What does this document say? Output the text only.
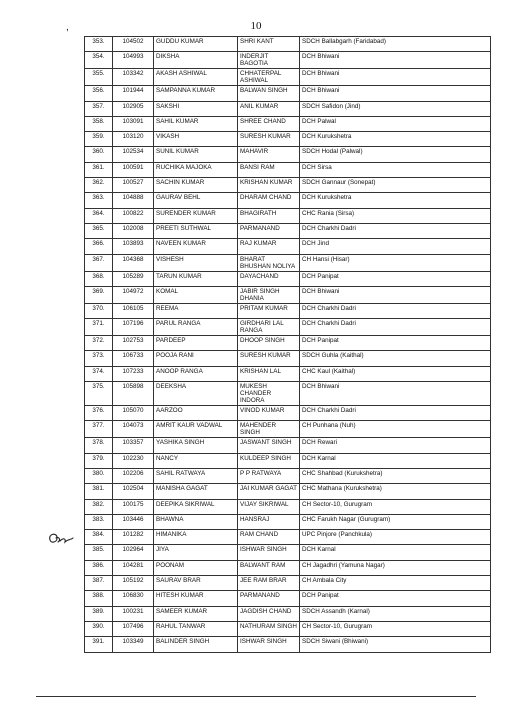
10
,
353.	104502	GUDDU KUMAR	SHRI KANT	SDCH Ballabgarh (Faridabad)
354.	104993	DIKSHA	INDERJIT BAGOTIA	DCH Bhiwani
355.	103342	AKASH ASHIWAL	CHHATERPAL ASHIWAL	DCH Bhiwani
356.	101944	SAMPANNA KUMAR	BALWAN SINGH	DCH Bhiwani
357.	102905	SAKSHI	ANIL KUMAR	SDCH Safidon (Jind)
358.	103091	SAHIL KUMAR	SHREE CHAND	DCH Palwal
359.	103120	VIKASH	SURESH KUMAR	DCH Kurukshetra
360.	102534	SUNIL KUMAR	MAHAVIR	SDCH Hodal (Palwal)
361.	100591	RUCHIKA MAJOKA	BANSI RAM	DCH Sirsa
362.	100527	SACHIN KUMAR	KRISHAN KUMAR	SDCH Gannaur (Sonepat)
363.	104888	GAURAV BEHL	DHARAM CHAND	DCH Kurukshetra
364.	100822	SURENDER KUMAR	BHAGIRATH	CHC Rania (Sirsa)
365.	102008	PREETI SUTHWAL	PARMANAND	DCH Charkhi Dadri
366.	103893	NAVEEN KUMAR	RAJ KUMAR	DCH Jind
367.	104368	VISHESH	BHARAT BHUSHAN NOLIYA	CH Hansi (Hisar)
368.	105289	TARUN KUMAR	DAYACHAND	DCH Panipat
369.	104972	KOMAL	JABIR SINGH DHANIA	DCH Bhiwani
370.	106105	REEMA	PRITAM KUMAR	DCH Charkhi Dadri
371.	107196	PARUL RANGA	GIRDHARI LAL RANGA	DCH Charkhi Dadri
372.	102753	PARDEEP	DHOOP SINGH	DCH Panipat
373.	106733	POOJA RANI	SURESH KUMAR	SDCH Guhla (Kaithal)
374.	107233	ANOOP RANGA	KRISHAN LAL	CHC Kaul (Kaithal)
375.	105898	DEEKSHA	MUKESH CHANDER INDORA	DCH Bhiwani
376.	105070	AARZOO	VINOD KUMAR	DCH Charkhi Dadri
377.	104073	AMRIT KAUR VADWAL	MAHENDER SINGH	CH Punhana (Nuh)
378.	103357	YASHIKA SINGH	JASWANT SINGH	DCH Rewari
379.	102230	NANCY	KULDEEP SINGH	DCH Karnal
380.	102206	SAHIL RATWAYA	P P RATWAYA	CHC Shahbad (Kurukshetra)
381.	102504	MANISHA GAGAT	JAI KUMAR GAGAT	CHC Mathana (Kurukshetra)
382.	100175	DEEPIKA SIKRIWAL	VIJAY SIKRIWAL	CH Sector-10, Gurugram
383.	103446	BHAWNA	HANSRAJ	CHC Farukh Nagar (Gurugram)
384.	101282	HIMANIKA	RAM CHAND	UPC Pinjore (Panchkula)
385.	102964	JIYA	ISHWAR SINGH	DCH Karnal
386.	104281	POONAM	BALWANT RAM	CH Jagadhri (Yamuna Nagar)
387.	105192	SAURAV BRAR	JEE RAM BRAR	CH Ambala City
388.	106830	HITESH KUMAR	PARMANAND	DCH Panipat
389.	100231	SAMEER KUMAR	JAGDISH CHAND	SDCH Assandh (Karnal)
390.	107496	RAHUL TANWAR	NATHURAM SINGH	CH Sector-10, Gurugram
391.	103349	BALINDER SINGH	ISHWAR SINGH	SDCH Siwani (Bhiwani)
